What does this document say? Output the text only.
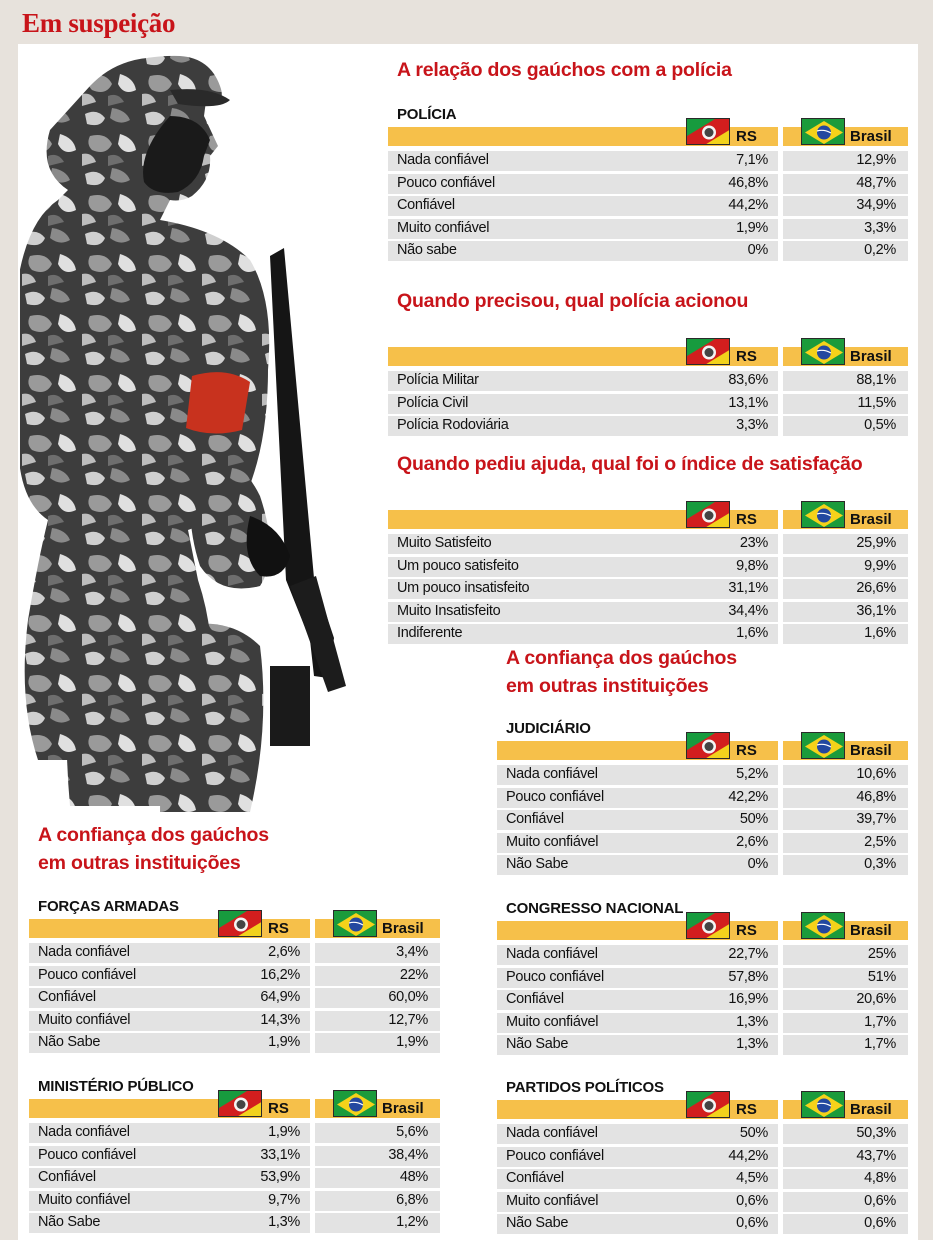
Em suspeição
A relação dos gaúchos com a polícia
Quando precisou, qual polícia acionou
Quando pediu ajuda, qual foi o índice de satisfação
A confiança dos gaúchos
em outras instituições
A confiança dos gaúchos
em outras instituições
POLÍCIA
RS	Brasil
Nada confiável	7,1%	12,9%
Pouco confiável	46,8%	48,7%
Confiável	44,2%	34,9%
Muito confiável	1,9%	3,3%
Não sabe	0%	0,2%
RS	Brasil
Polícia Militar	83,6%	88,1%
Polícia Civil	13,1%	11,5%
Polícia Rodoviária	3,3%	0,5%
RS	Brasil
Muito Satisfeito	23%	25,9%
Um pouco satisfeito	9,8%	9,9%
Um pouco insatisfeito	31,1%	26,6%
Muito Insatisfeito	34,4%	36,1%
Indiferente	1,6%	1,6%
JUDICIÁRIO
RS	Brasil
Nada confiável	5,2%	10,6%
Pouco confiável	42,2%	46,8%
Confiável	50%	39,7%
Muito confiável	2,6%	2,5%
Não Sabe	0%	0,3%
CONGRESSO NACIONAL
RS	Brasil
Nada confiável	22,7%	25%
Pouco confiável	57,8%	51%
Confiável	16,9%	20,6%
Muito confiável	1,3%	1,7%
Não Sabe	1,3%	1,7%
PARTIDOS POLÍTICOS
RS	Brasil
Nada confiável	50%	50,3%
Pouco confiável	44,2%	43,7%
Confiável	4,5%	4,8%
Muito confiável	0,6%	0,6%
Não Sabe	0,6%	0,6%
FORÇAS ARMADAS
RS	Brasil
Nada confiável	2,6%	3,4%
Pouco confiável	16,2%	22%
Confiável	64,9%	60,0%
Muito confiável	14,3%	12,7%
Não Sabe	1,9%	1,9%
MINISTÉRIO PÚBLICO
RS	Brasil
Nada confiável	1,9%	5,6%
Pouco confiável	33,1%	38,4%
Confiável	53,9%	48%
Muito confiável	9,7%	6,8%
Não Sabe	1,3%	1,2%
